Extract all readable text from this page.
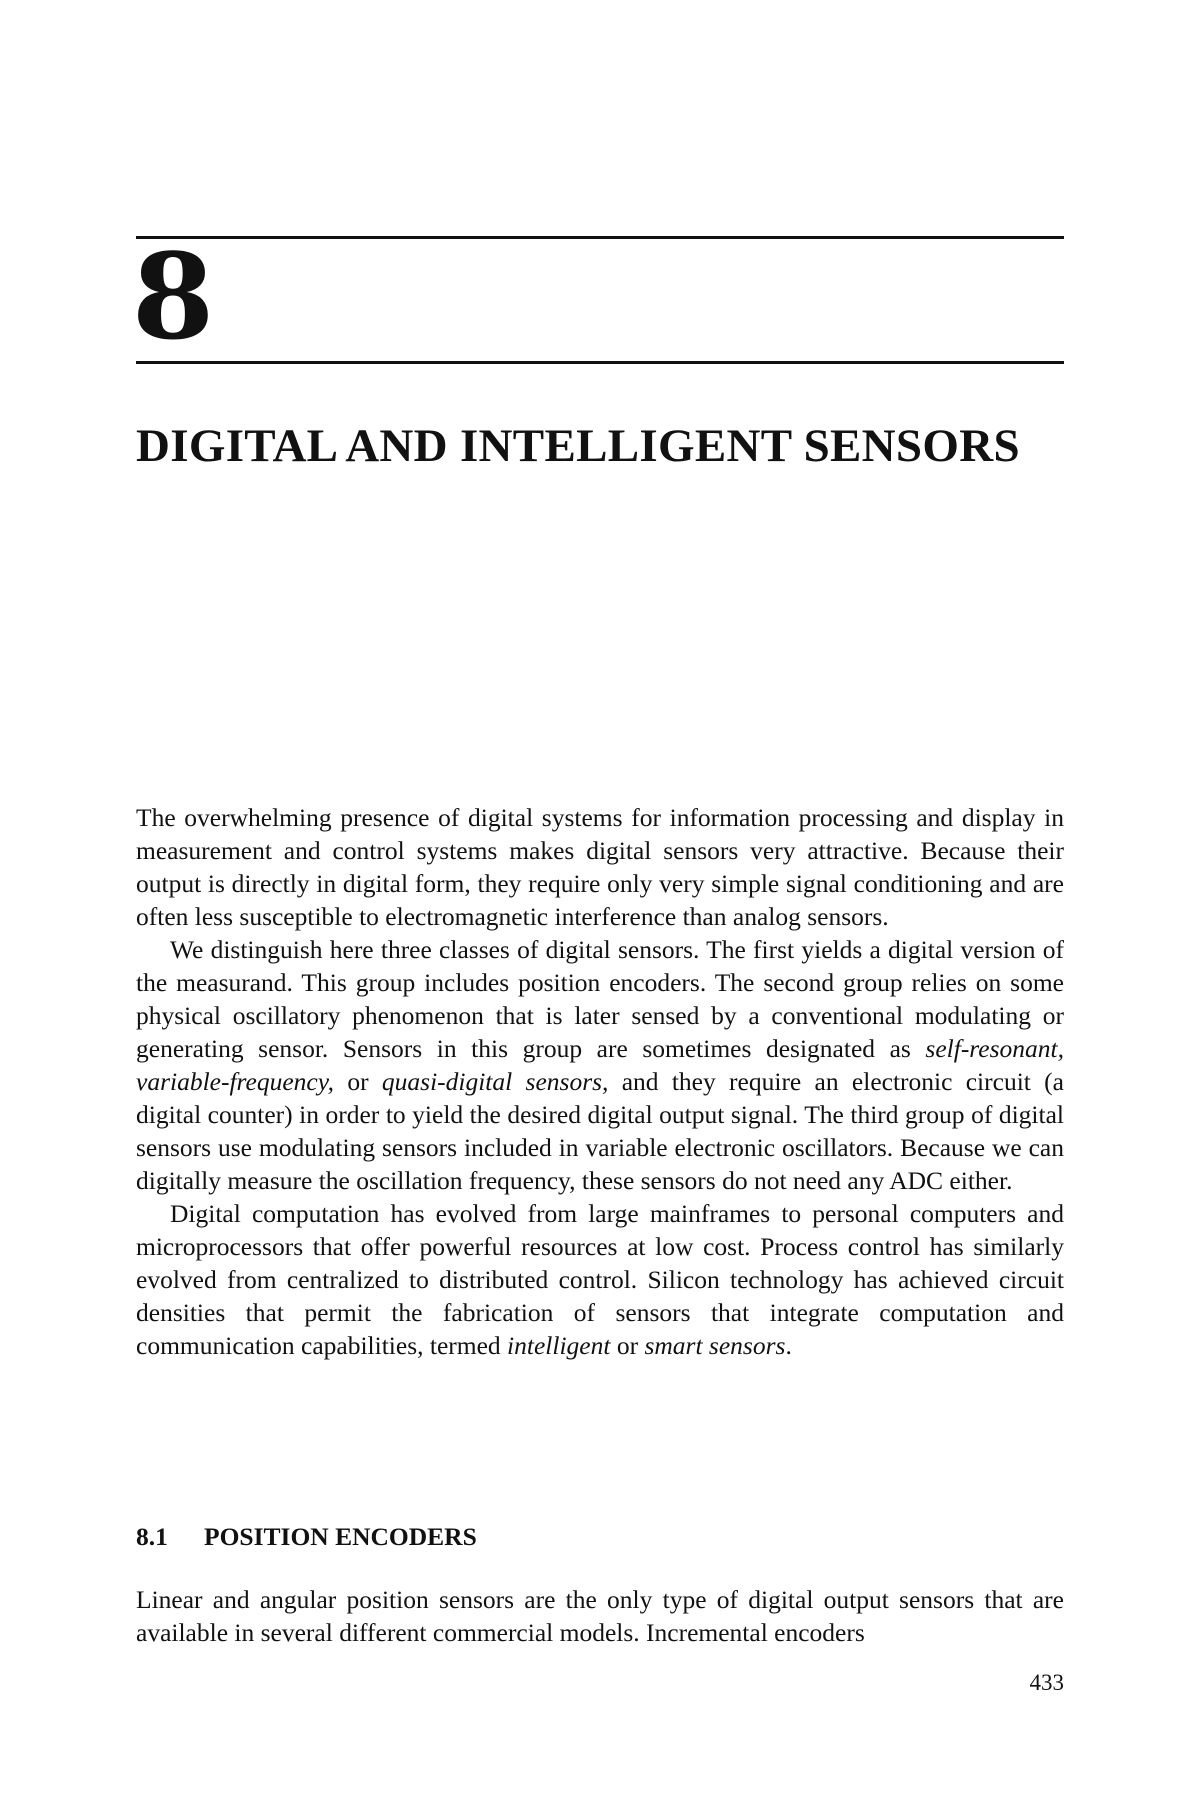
8
DIGITAL AND INTELLIGENT SENSORS

The overwhelming presence of digital systems for information processing and display in measurement and control systems makes digital sensors very attractive. Because their output is directly in digital form, they require only very simple signal conditioning and are often less susceptible to electromagnetic interference than analog sensors.

We distinguish here three classes of digital sensors. The first yields a digital version of the measurand. This group includes position encoders. The second group relies on some physical oscillatory phenomenon that is later sensed by a conventional modulating or generating sensor. Sensors in this group are sometimes designated as self-resonant, variable-frequency, or quasi-digital sensors, and they require an electronic circuit (a digital counter) in order to yield the desired digital output signal. The third group of digital sensors use modulating sensors included in variable electronic oscillators. Because we can digitally measure the oscillation frequency, these sensors do not need any ADC either.

Digital computation has evolved from large mainframes to personal computers and microprocessors that offer powerful resources at low cost. Process control has similarly evolved from centralized to distributed control. Silicon technology has achieved circuit densities that permit the fabrication of sensors that integrate computation and communication capabilities, termed intelligent or smart sensors.

8.1 POSITION ENCODERS
Linear and angular position sensors are the only type of digital output sensors that are available in several different commercial models. Incremental encoders
433
